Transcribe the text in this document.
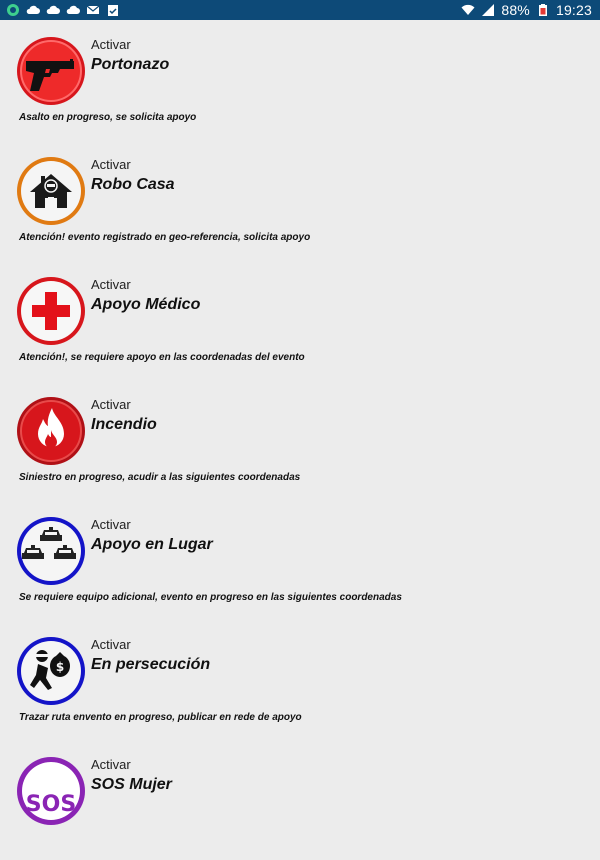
88% 19:23
Activar
Portonazo
Asalto en progreso, se solicita apoyo
Activar
Robo Casa
Atención! evento registrado en geo-referencia, solicita apoyo
Activar
Apoyo Médico
Atención!, se requiere apoyo en las coordenadas del evento
Activar
Incendio
Siniestro en progreso, acudir a las siguientes coordenadas
Activar
Apoyo en Lugar
Se requiere equipo adicional, evento en progreso en las siguientes coordenadas
$
Activar
En persecución
Trazar ruta envento en progreso, publicar en rede de apoyo
SOS
Activar
SOS Mujer
